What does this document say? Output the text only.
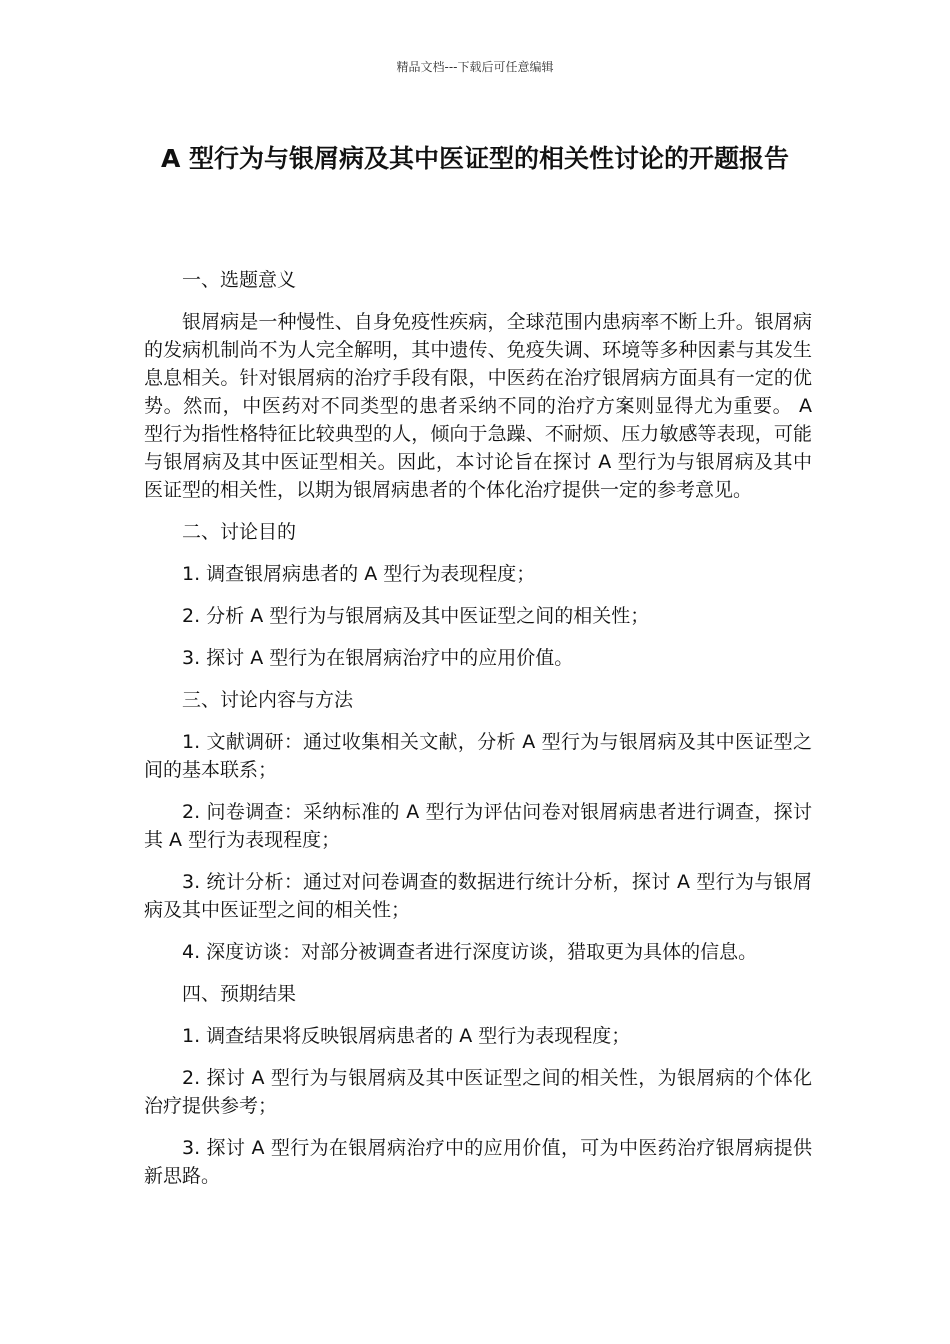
精品文档---下载后可任意编辑
A 型行为与银屑病及其中医证型的相关性讨论的开题报告
一、选题意义

银屑病是一种慢性、自身免疫性疾病，全球范围内患病率不断上升。银屑病的发病机制尚不为人完全解明，其中遗传、免疫失调、环境等多种因素与其发生息息相关。针对银屑病的治疗手段有限，中医药在治疗银屑病方面具有一定的优势。然而，中医药对不同类型的患者采纳不同的治疗方案则显得尤为重要。 A 型行为指性格特征比较典型的人，倾向于急躁、不耐烦、压力敏感等表现，可能与银屑病及其中医证型相关。因此，本讨论旨在探讨 A 型行为与银屑病及其中医证型的相关性，以期为银屑病患者的个体化治疗提供一定的参考意见。

二、讨论目的

1. 调查银屑病患者的 A 型行为表现程度；

2. 分析 A 型行为与银屑病及其中医证型之间的相关性；

3. 探讨 A 型行为在银屑病治疗中的应用价值。

三、讨论内容与方法

1. 文献调研：通过收集相关文献，分析 A 型行为与银屑病及其中医证型之间的基本联系；

2. 问卷调查：采纳标准的 A 型行为评估问卷对银屑病患者进行调查，探讨其 A 型行为表现程度；

3. 统计分析：通过对问卷调查的数据进行统计分析，探讨 A 型行为与银屑病及其中医证型之间的相关性；

4. 深度访谈：对部分被调查者进行深度访谈，猎取更为具体的信息。

四、预期结果

1. 调查结果将反映银屑病患者的 A 型行为表现程度；

2. 探讨 A 型行为与银屑病及其中医证型之间的相关性，为银屑病的个体化治疗提供参考；

3. 探讨 A 型行为在银屑病治疗中的应用价值，可为中医药治疗银屑病提供新思路。
